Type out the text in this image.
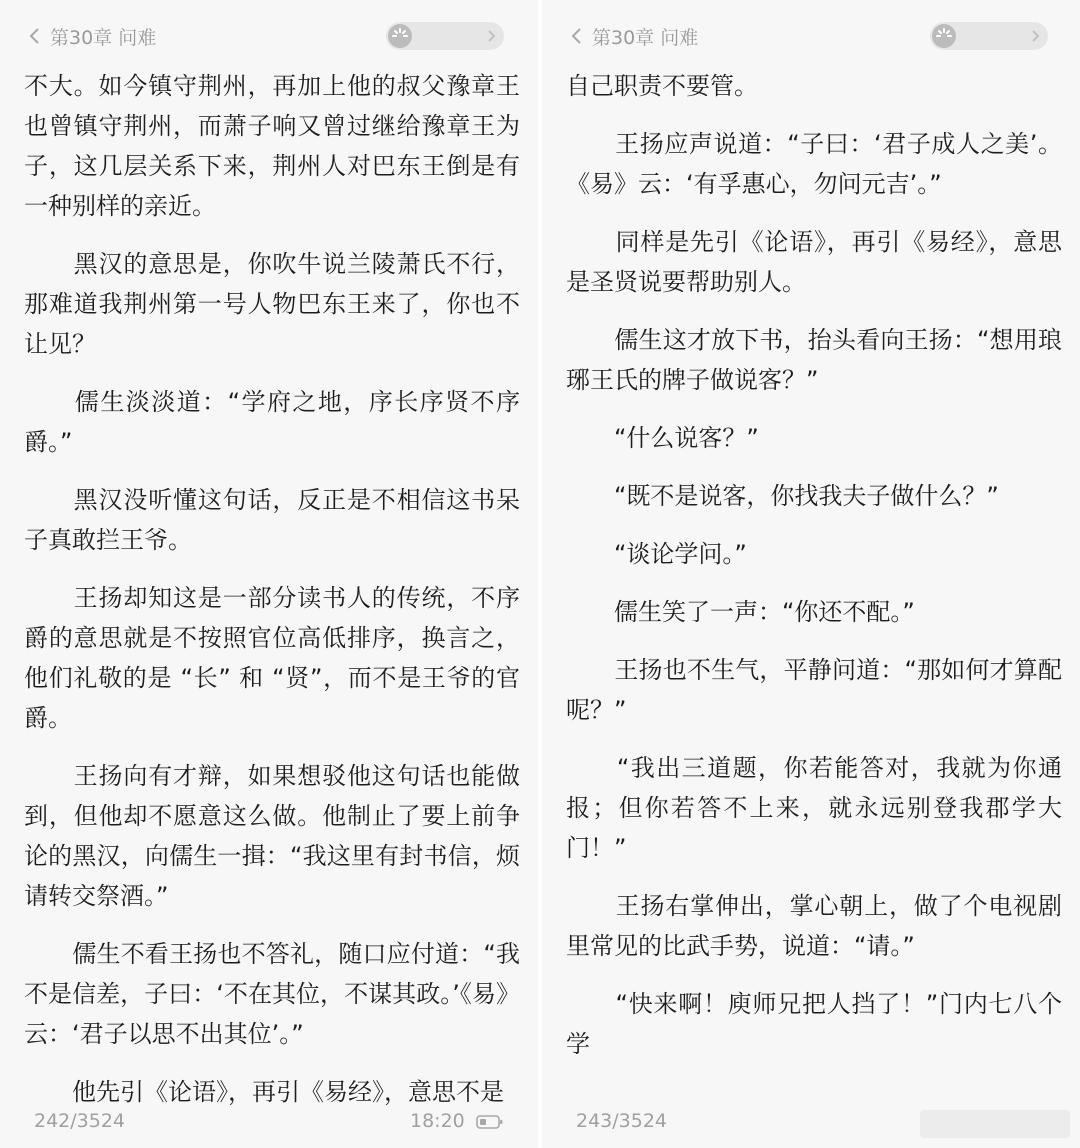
第30章 问难

不大。如今镇守荆州，再加上他的叔父豫章王也曾镇守荆州，而萧子响又曾过继给豫章王为子，这几层关系下来，荆州人对巴东王倒是有一种别样的亲近。

　　黑汉的意思是，你吹牛说兰陵萧氏不行，那难道我荆州第一号人物巴东王来了，你也不让见？

　　儒生淡淡道：“学府之地，序长序贤不序爵。”

　　黑汉没听懂这句话，反正是不相信这书呆子真敢拦王爷。

　　王扬却知这是一部分读书人的传统，不序爵的意思就是不按照官位高低排序，换言之，他们礼敬的是 “长” 和 “贤”，而不是王爷的官爵。

　　王扬向有才辩，如果想驳他这句话也能做到，但他却不愿意这么做。他制止了要上前争论的黑汉，向儒生一揖：“我这里有封书信，烦请转交祭酒。”

　　儒生不看王扬也不答礼，随口应付道：“我不是信差，子曰：‘不在其位，不谋其政。’《易》云：‘君子以思不出其位’。”

　　他先引《论语》，再引《易经》，意思不是

242/3524	18:20
第30章 问难

自己职责不要管。

　　王扬应声说道：“子曰：‘君子成人之美’。《易》云：‘有孚惠心，勿问元吉’。”

　　同样是先引《论语》，再引《易经》，意思是圣贤说要帮助别人。

　　儒生这才放下书，抬头看向王扬：“想用琅琊王氏的牌子做说客？”

　　“什么说客？”

　　“既不是说客，你找我夫子做什么？”

　　“谈论学问。”

　　儒生笑了一声：“你还不配。”

　　王扬也不生气，平静问道：“那如何才算配呢？”

　　“我出三道题，你若能答对，我就为你通报；但你若答不上来，就永远别登我郡学大门！”

　　王扬右掌伸出，掌心朝上，做了个电视剧里常见的比武手势，说道：“请。”

　　“快来啊！庾师兄把人挡了！”门内七八个学

243/3524
